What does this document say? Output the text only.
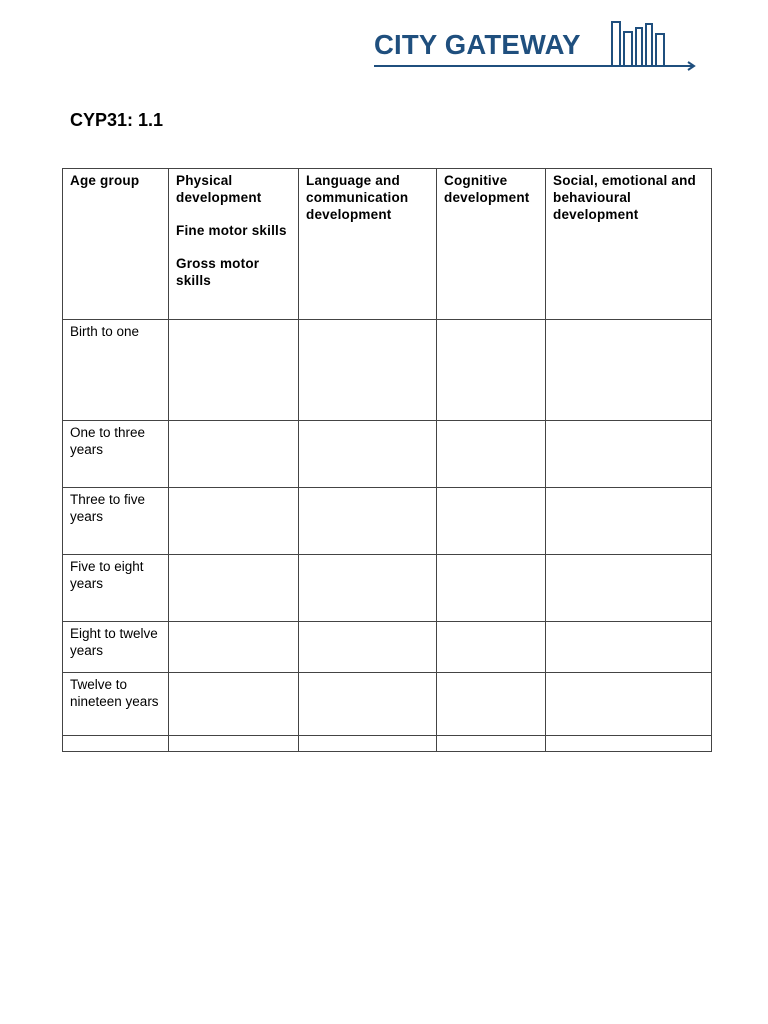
CITY GATEWAY
CYP31: 1.1
Age group	Physical development
Fine motor skills
Gross motor skills	Language and communication development	Cognitive development	Social, emotional and behavioural development
Birth to one				
One to three years				
Three to five years				
Five to eight years				
Eight to twelve years				
Twelve to nineteen years				
